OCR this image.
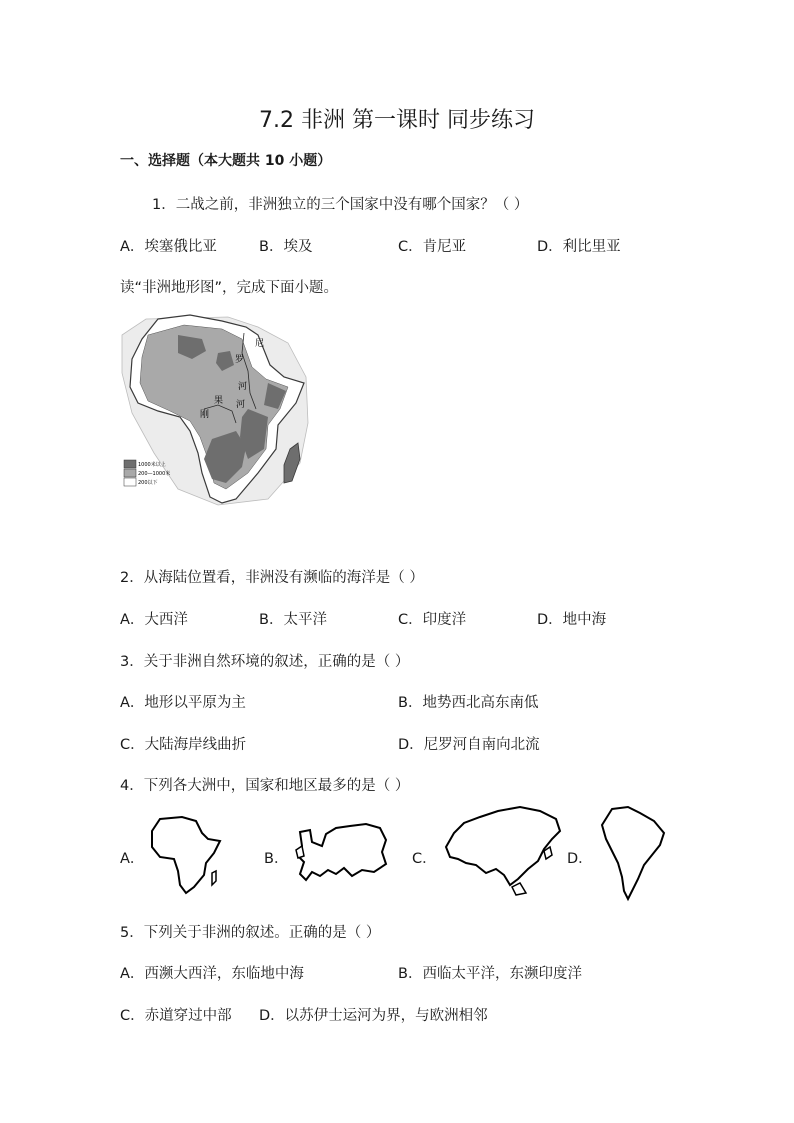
7.2 非洲 第一课时 同步练习
一、选择题（本大题共 10 小题）
1．二战之前，非洲独立的三个国家中没有哪个国家？（ ）
A．埃塞俄比亚	B．埃及	C．肯尼亚	D．利比里亚
读“非洲地形图”，完成下面小题。
尼
罗
河
刚
果 河
1000米以上
200—1000米
200以下
2．从海陆位置看，非洲没有濒临的海洋是（ ）
A．大西洋	B．太平洋	C．印度洋	D．地中海
3．关于非洲自然环境的叙述，正确的是（ ）
A．地形以平原为主	B．地势西北高东南低
C．大陆海岸线曲折	D．尼罗河自南向北流
4．下列各大洲中，国家和地区最多的是（ ）
A．	B．	C．	D．
5．下列关于非洲的叙述。正确的是（ ）
A．西濒大西洋，东临地中海	B．西临太平洋，东濒印度洋
C．赤道穿过中部 D．以苏伊士运河为界，与欧洲相邻
